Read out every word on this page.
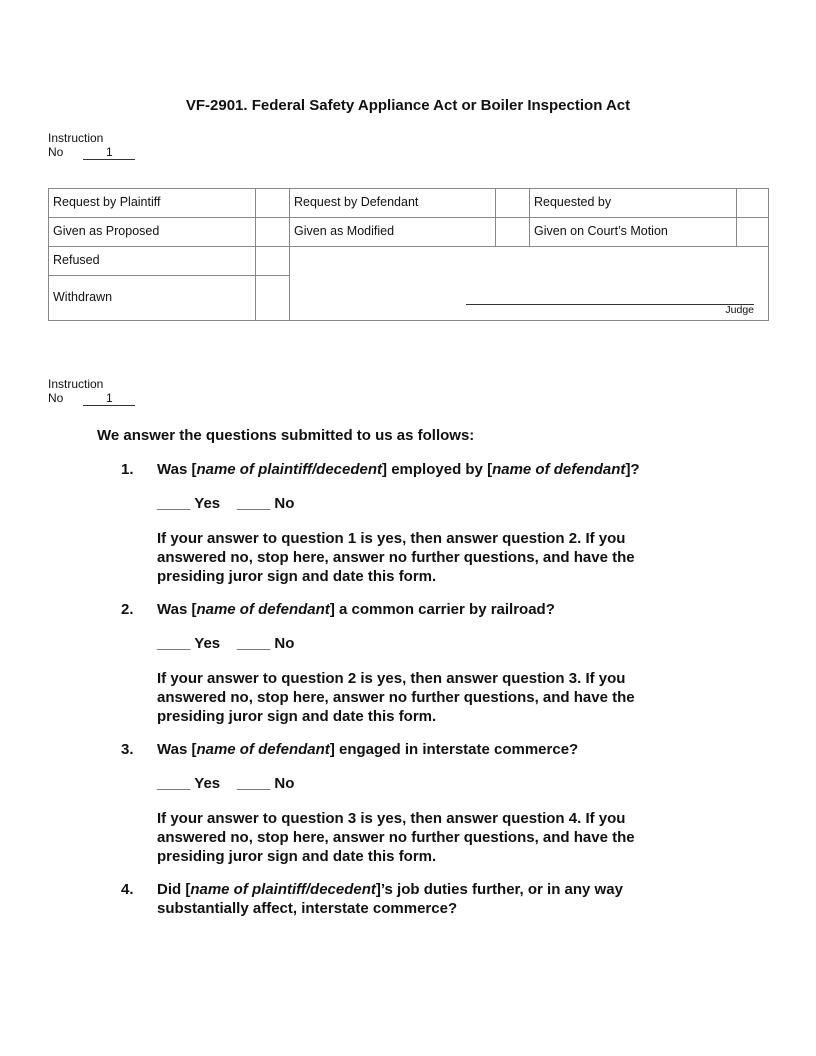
VF-2901. Federal Safety Appliance Act or Boiler Inspection Act
Instruction
No	1
Request by Plaintiff	Request by Defendant	Requested by
Given as Proposed	Given as Modified	Given on Court’s Motion
Refused
Withdrawn
Judge
Instruction
No	1
We answer the questions submitted to us as follows:
1. Was [name of plaintiff/decedent] employed by [name of defendant]?
____ Yes ____ No
If your answer to question 1 is yes, then answer question 2. If you answered no, stop here, answer no further questions, and have the presiding juror sign and date this form.
2. Was [name of defendant] a common carrier by railroad?
____ Yes ____ No
If your answer to question 2 is yes, then answer question 3. If you answered no, stop here, answer no further questions, and have the presiding juror sign and date this form.
3. Was [name of defendant] engaged in interstate commerce?
____ Yes ____ No
If your answer to question 3 is yes, then answer question 4. If you answered no, stop here, answer no further questions, and have the presiding juror sign and date this form.
4. Did [name of plaintiff/decedent]’s job duties further, or in any way substantially affect, interstate commerce?
